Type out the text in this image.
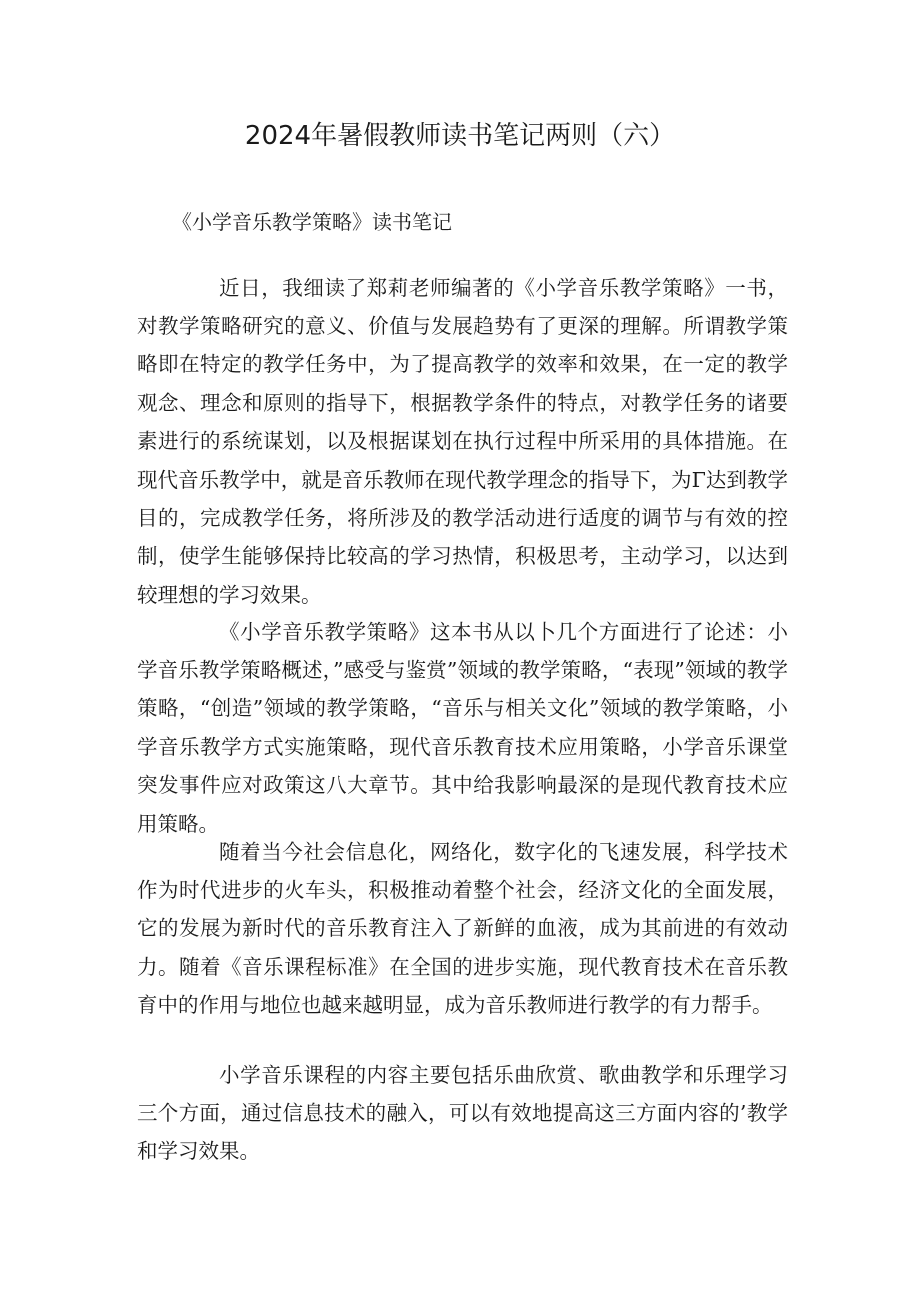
2024年暑假教师读书笔记两则（六）
《小学音乐教学策略》读书笔记

近日，我细读了郑莉老师编著的《小学音乐教学策略》一书，对教学策略研究的意义、价值与发展趋势有了更深的理解。所谓教学策略即在特定的教学任务中，为了提高教学的效率和效果，在一定的教学观念、理念和原则的指导下，根据教学条件的特点，对教学任务的诸要素进行的系统谋划，以及根据谋划在执行过程中所采用的具体措施。在现代音乐教学中，就是音乐教师在现代教学理念的指导下，为Γ达到教学目的，完成教学任务，将所涉及的教学活动进行适度的调节与有效的控制，使学生能够保持比较高的学习热情，积极思考，主动学习，以达到较理想的学习效果。

《小学音乐教学策略》这本书从以卜几个方面进行了论述：小学音乐教学策略概述，”感受与鉴赏”领域的教学策略，“表现”领域的教学策略，“创造”领域的教学策略，“音乐与相关文化”领域的教学策略，小学音乐教学方式实施策略，现代音乐教育技术应用策略，小学音乐课堂突发事件应对政策这八大章节。其中给我影响最深的是现代教育技术应用策略。

随着当今社会信息化，网络化，数字化的飞速发展，科学技术作为时代进步的火车头，积极推动着整个社会，经济文化的全面发展，它的发展为新时代的音乐教育注入了新鲜的血液，成为其前进的有效动力。随着《音乐课程标准》在全国的进步实施，现代教育技术在音乐教育中的作用与地位也越来越明显，成为音乐教师进行教学的有力帮手。

小学音乐课程的内容主要包括乐曲欣赏、歌曲教学和乐理学习三个方面，通过信息技术的融入，可以有效地提高这三方面内容的’教学和学习效果。
